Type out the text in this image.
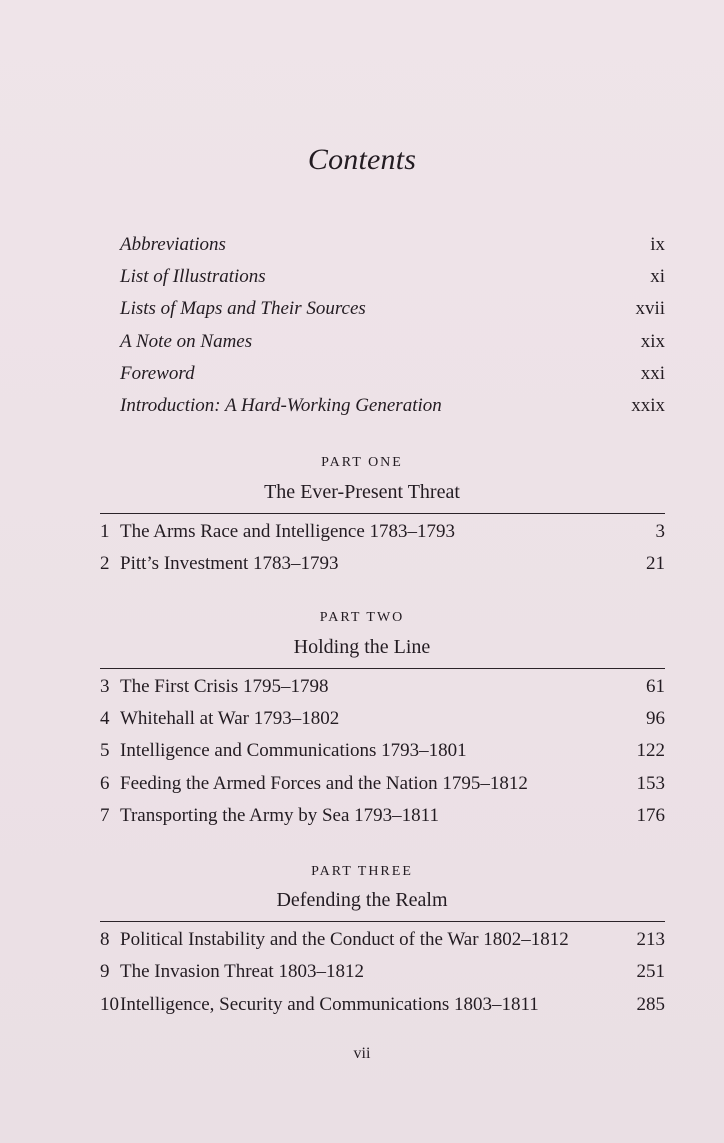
Contents
Abbreviations	ix
List of Illustrations	xi
Lists of Maps and Their Sources	xvii
A Note on Names	xix
Foreword	xxi
Introduction: A Hard-Working Generation	xxix
PART ONE
The Ever-Present Threat
1 The Arms Race and Intelligence 1783–1793	3
2 Pitt’s Investment 1783–1793	21
PART TWO
Holding the Line
3 The First Crisis 1795–1798	61
4 Whitehall at War 1793–1802	96
5 Intelligence and Communications 1793–1801	122
6 Feeding the Armed Forces and the Nation 1795–1812	153
7 Transporting the Army by Sea 1793–1811	176
PART THREE
Defending the Realm
8 Political Instability and the Conduct of the War 1802–1812	213
9 The Invasion Threat 1803–1812	251
10 Intelligence, Security and Communications 1803–1811	285
vii
